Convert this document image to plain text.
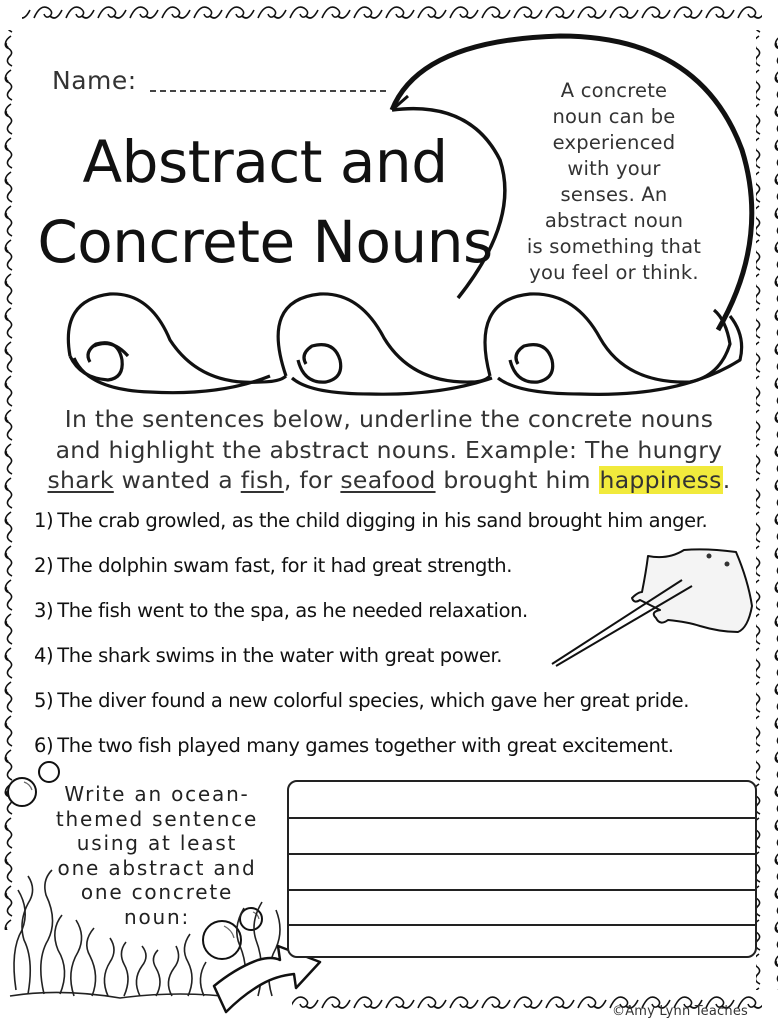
Name:
Abstract and
Concrete Nouns
A concrete
noun can be
experienced
with your
senses. An
abstract noun
is something that
you feel or think.
In the sentences below, underline the concrete nouns
and highlight the abstract nouns. Example: The hungry
shark wanted a fish, for seafood brought him happiness.
1) The crab growled, as the child digging in his sand brought him anger.
2) The dolphin swam fast, for it had great strength.
3) The fish went to the spa, as he needed relaxation.
4) The shark swims in the water with great power.
5) The diver found a new colorful species, which gave her great pride.
6) The two fish played many games together with great excitement.
Write an ocean-
themed sentence
using at least
one abstract and
one concrete
noun:
©Amy Lynn Teaches
